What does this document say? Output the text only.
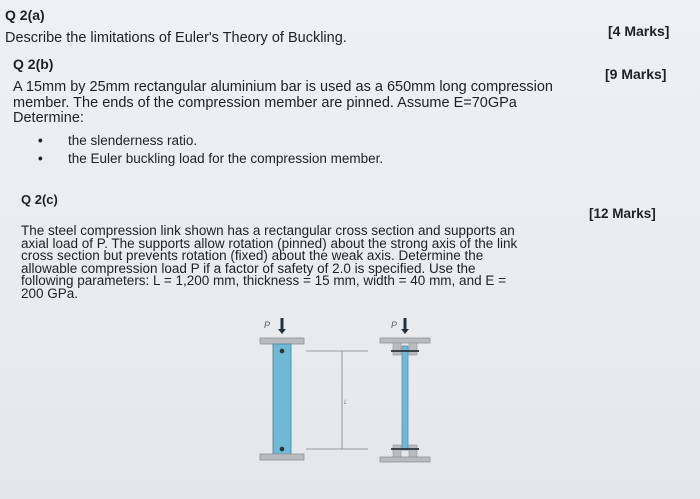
Q 2(a)
[4 Marks]
Describe the limitations of Euler's Theory of Buckling.
Q 2(b)
[9 Marks]
A 15mm by 25mm rectangular aluminium bar is used as a 650mm long compression
member. The ends of the compression member are pinned. Assume E=70GPa
Determine:
• the slenderness ratio.
• the Euler buckling load for the compression member.
Q 2(c)
[12 Marks]
The steel compression link shown has a rectangular cross section and supports an
axial load of P. The supports allow rotation (pinned) about the strong axis of the link
cross section but prevents rotation (fixed) about the weak axis. Determine the
allowable compression load P if a factor of safety of 2.0 is specified. Use the
following parameters: L = 1,200 mm, thickness = 15 mm, width = 40 mm, and E =
200 GPa.
P
L
P
